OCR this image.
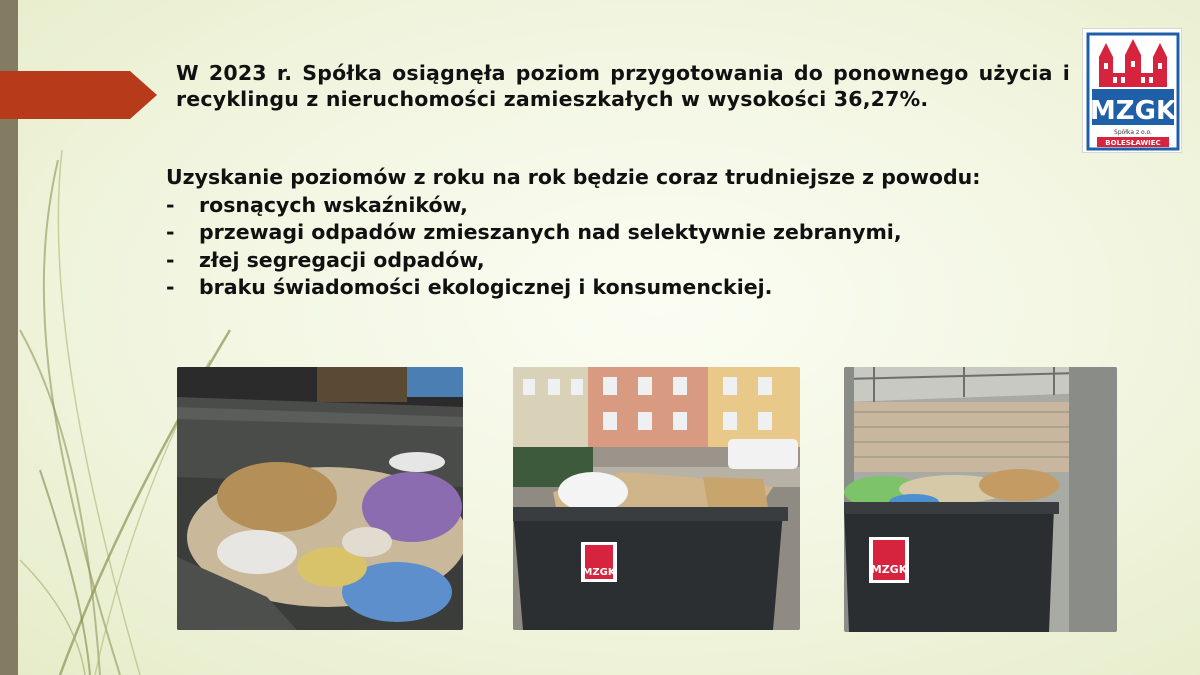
W 2023 r. Spółka osiągnęła poziom przygotowania do ponownego użycia i recyklingu z nieruchomości zamieszkałych w wysokości 36,27%.

Uzyskanie poziomów z roku na rok będzie coraz trudniejsze z powodu:

-	rosnących wskaźników,
-	przewagi odpadów zmieszanych nad selektywnie zebranymi,
-	złej segregacji odpadów,
-	braku świadomości ekologicznej i konsumenckiej.
MZGK
Spółka z o.o.
BOLESŁAWIEC
MZGK	MZGK
